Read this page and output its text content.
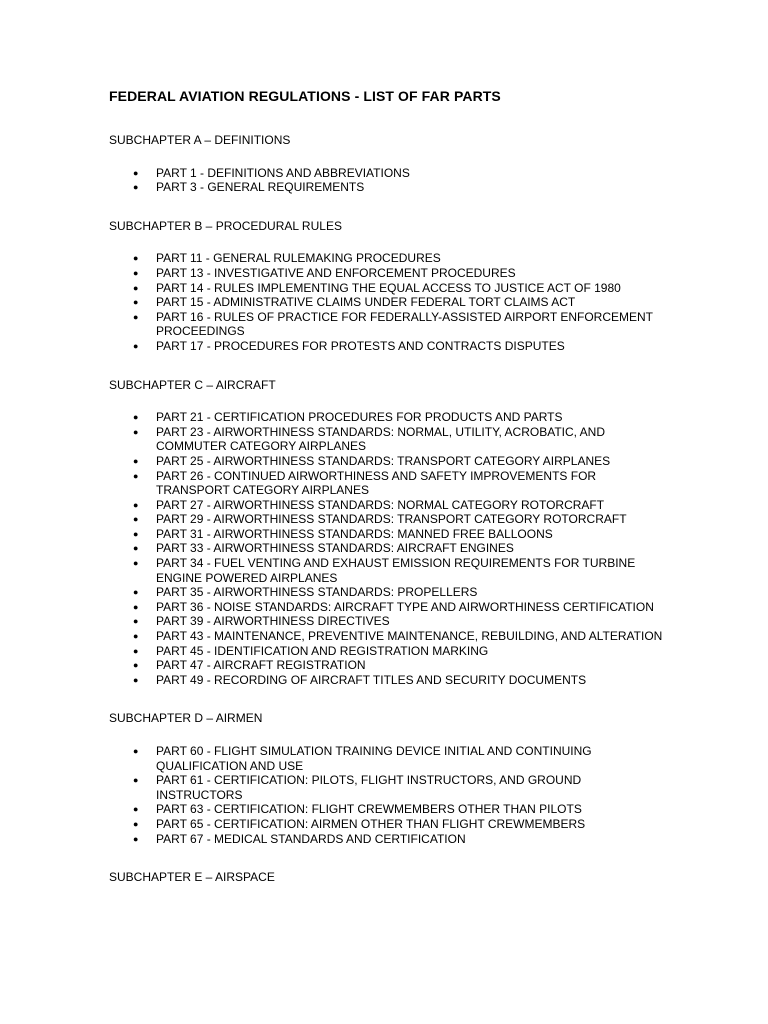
FEDERAL AVIATION REGULATIONS - LIST OF FAR PARTS

SUBCHAPTER A – DEFINITIONS

● PART 1 - DEFINITIONS AND ABBREVIATIONS
● PART 3 - GENERAL REQUIREMENTS

SUBCHAPTER B – PROCEDURAL RULES

● PART 11 - GENERAL RULEMAKING PROCEDURES
● PART 13 - INVESTIGATIVE AND ENFORCEMENT PROCEDURES
● PART 14 - RULES IMPLEMENTING THE EQUAL ACCESS TO JUSTICE ACT OF 1980
● PART 15 - ADMINISTRATIVE CLAIMS UNDER FEDERAL TORT CLAIMS ACT
● PART 16 - RULES OF PRACTICE FOR FEDERALLY-ASSISTED AIRPORT ENFORCEMENT PROCEEDINGS
● PART 17 - PROCEDURES FOR PROTESTS AND CONTRACTS DISPUTES

SUBCHAPTER C – AIRCRAFT

● PART 21 - CERTIFICATION PROCEDURES FOR PRODUCTS AND PARTS
● PART 23 - AIRWORTHINESS STANDARDS: NORMAL, UTILITY, ACROBATIC, AND COMMUTER CATEGORY AIRPLANES
● PART 25 - AIRWORTHINESS STANDARDS: TRANSPORT CATEGORY AIRPLANES
● PART 26 - CONTINUED AIRWORTHINESS AND SAFETY IMPROVEMENTS FOR TRANSPORT CATEGORY AIRPLANES
● PART 27 - AIRWORTHINESS STANDARDS: NORMAL CATEGORY ROTORCRAFT
● PART 29 - AIRWORTHINESS STANDARDS: TRANSPORT CATEGORY ROTORCRAFT
● PART 31 - AIRWORTHINESS STANDARDS: MANNED FREE BALLOONS
● PART 33 - AIRWORTHINESS STANDARDS: AIRCRAFT ENGINES
● PART 34 - FUEL VENTING AND EXHAUST EMISSION REQUIREMENTS FOR TURBINE ENGINE POWERED AIRPLANES
● PART 35 - AIRWORTHINESS STANDARDS: PROPELLERS
● PART 36 - NOISE STANDARDS: AIRCRAFT TYPE AND AIRWORTHINESS CERTIFICATION
● PART 39 - AIRWORTHINESS DIRECTIVES
● PART 43 - MAINTENANCE, PREVENTIVE MAINTENANCE, REBUILDING, AND ALTERATION
● PART 45 - IDENTIFICATION AND REGISTRATION MARKING
● PART 47 - AIRCRAFT REGISTRATION
● PART 49 - RECORDING OF AIRCRAFT TITLES AND SECURITY DOCUMENTS

SUBCHAPTER D – AIRMEN

● PART 60 - FLIGHT SIMULATION TRAINING DEVICE INITIAL AND CONTINUING QUALIFICATION AND USE
● PART 61 - CERTIFICATION: PILOTS, FLIGHT INSTRUCTORS, AND GROUND INSTRUCTORS
● PART 63 - CERTIFICATION: FLIGHT CREWMEMBERS OTHER THAN PILOTS
● PART 65 - CERTIFICATION: AIRMEN OTHER THAN FLIGHT CREWMEMBERS
● PART 67 - MEDICAL STANDARDS AND CERTIFICATION

SUBCHAPTER E – AIRSPACE
